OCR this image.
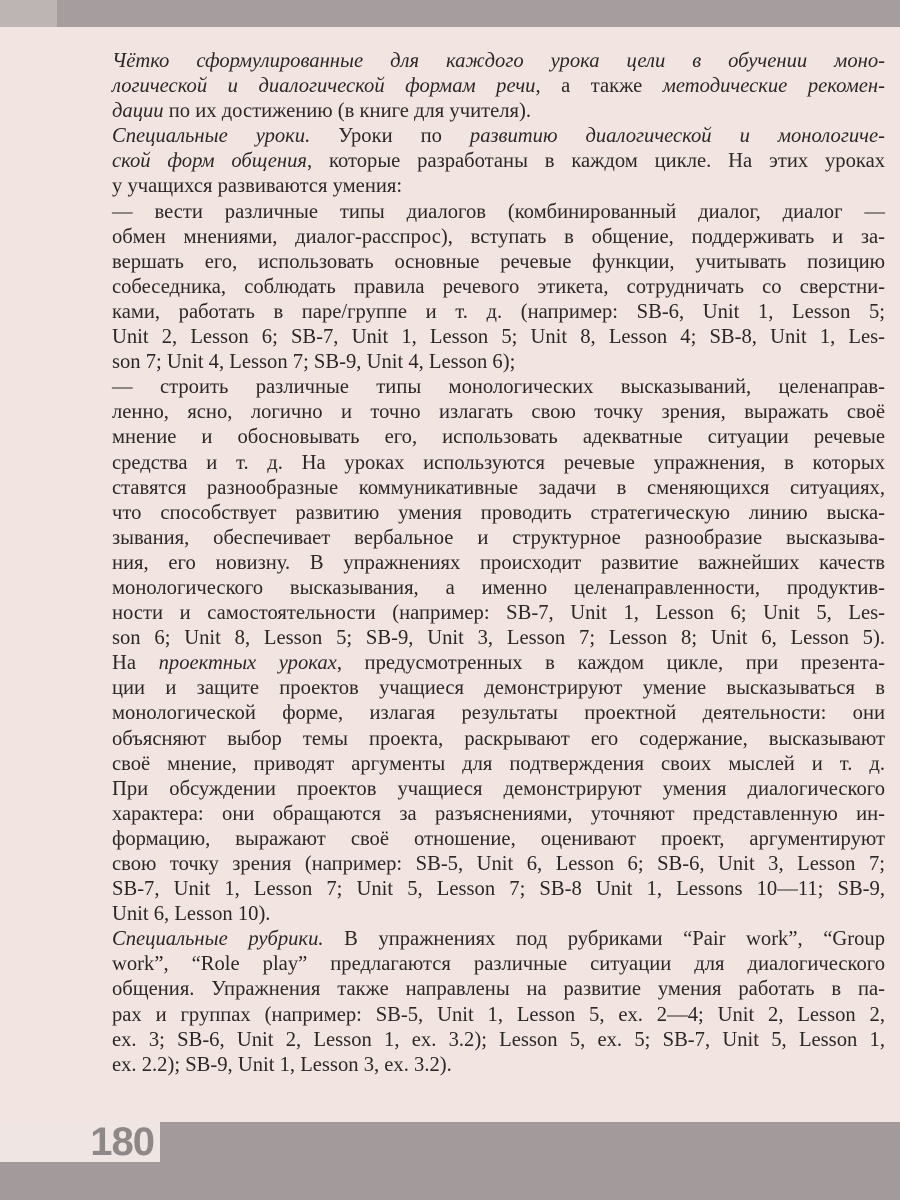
Чётко сформулированные для каждого урока цели в обучении моно-
логической и диалогической формам речи, а также методические рекомен-
дации по их достижению (в книге для учителя).
Специальные уроки. Уроки по развитию диалогической и монологиче-
ской форм общения, которые разработаны в каждом цикле. На этих уроках
у учащихся развиваются умения:
— вести различные типы диалогов (комбинированный диалог, диалог —
обмен мнениями, диалог-расспрос), вступать в общение, поддерживать и за-
вершать его, использовать основные речевые функции, учитывать позицию
собеседника, соблюдать правила речевого этикета, сотрудничать со сверстни-
ками, работать в паре/группе и т. д. (например: SB-6, Unit 1, Lesson 5;
Unit 2, Lesson 6; SB-7, Unit 1, Lesson 5; Unit 8, Lesson 4; SB-8, Unit 1, Les-
son 7; Unit 4, Lesson 7; SB-9, Unit 4, Lesson 6);
— строить различные типы монологических высказываний, целенаправ-
ленно, ясно, логично и точно излагать свою точку зрения, выражать своё
мнение и обосновывать его, использовать адекватные ситуации речевые
средства и т. д. На уроках используются речевые упражнения, в которых
ставятся разнообразные коммуникативные задачи в сменяющихся ситуациях,
что способствует развитию умения проводить стратегическую линию выска-
зывания, обеспечивает вербальное и структурное разнообразие высказыва-
ния, его новизну. В упражнениях происходит развитие важнейших качеств
монологического высказывания, а именно целенаправленности, продуктив-
ности и самостоятельности (например: SB-7, Unit 1, Lesson 6; Unit 5, Les-
son 6; Unit 8, Lesson 5; SB-9, Unit 3, Lesson 7; Lesson 8; Unit 6, Lesson 5).
На проектных уроках, предусмотренных в каждом цикле, при презента-
ции и защите проектов учащиеся демонстрируют умение высказываться в
монологической форме, излагая результаты проектной деятельности: они
объясняют выбор темы проекта, раскрывают его содержание, высказывают
своё мнение, приводят аргументы для подтверждения своих мыслей и т. д.
При обсуждении проектов учащиеся демонстрируют умения диалогического
характера: они обращаются за разъяснениями, уточняют представленную ин-
формацию, выражают своё отношение, оценивают проект, аргументируют
свою точку зрения (например: SB-5, Unit 6, Lesson 6; SB-6, Unit 3, Lesson 7;
SB-7, Unit 1, Lesson 7; Unit 5, Lesson 7; SB-8 Unit 1, Lessons 10—11; SB-9,
Unit 6, Lesson 10).
Специальные рубрики. В упражнениях под рубриками “Pair work”, “Group
work”, “Role play” предлагаются различные ситуации для диалогического
общения. Упражнения также направлены на развитие умения работать в па-
рах и группах (например: SB-5, Unit 1, Lesson 5, ex. 2—4; Unit 2, Lesson 2,
ex. 3; SB-6, Unit 2, Lesson 1, ex. 3.2); Lesson 5, ex. 5; SB-7, Unit 5, Lesson 1,
ex. 2.2); SB-9, Unit 1, Lesson 3, ex. 3.2).
180
